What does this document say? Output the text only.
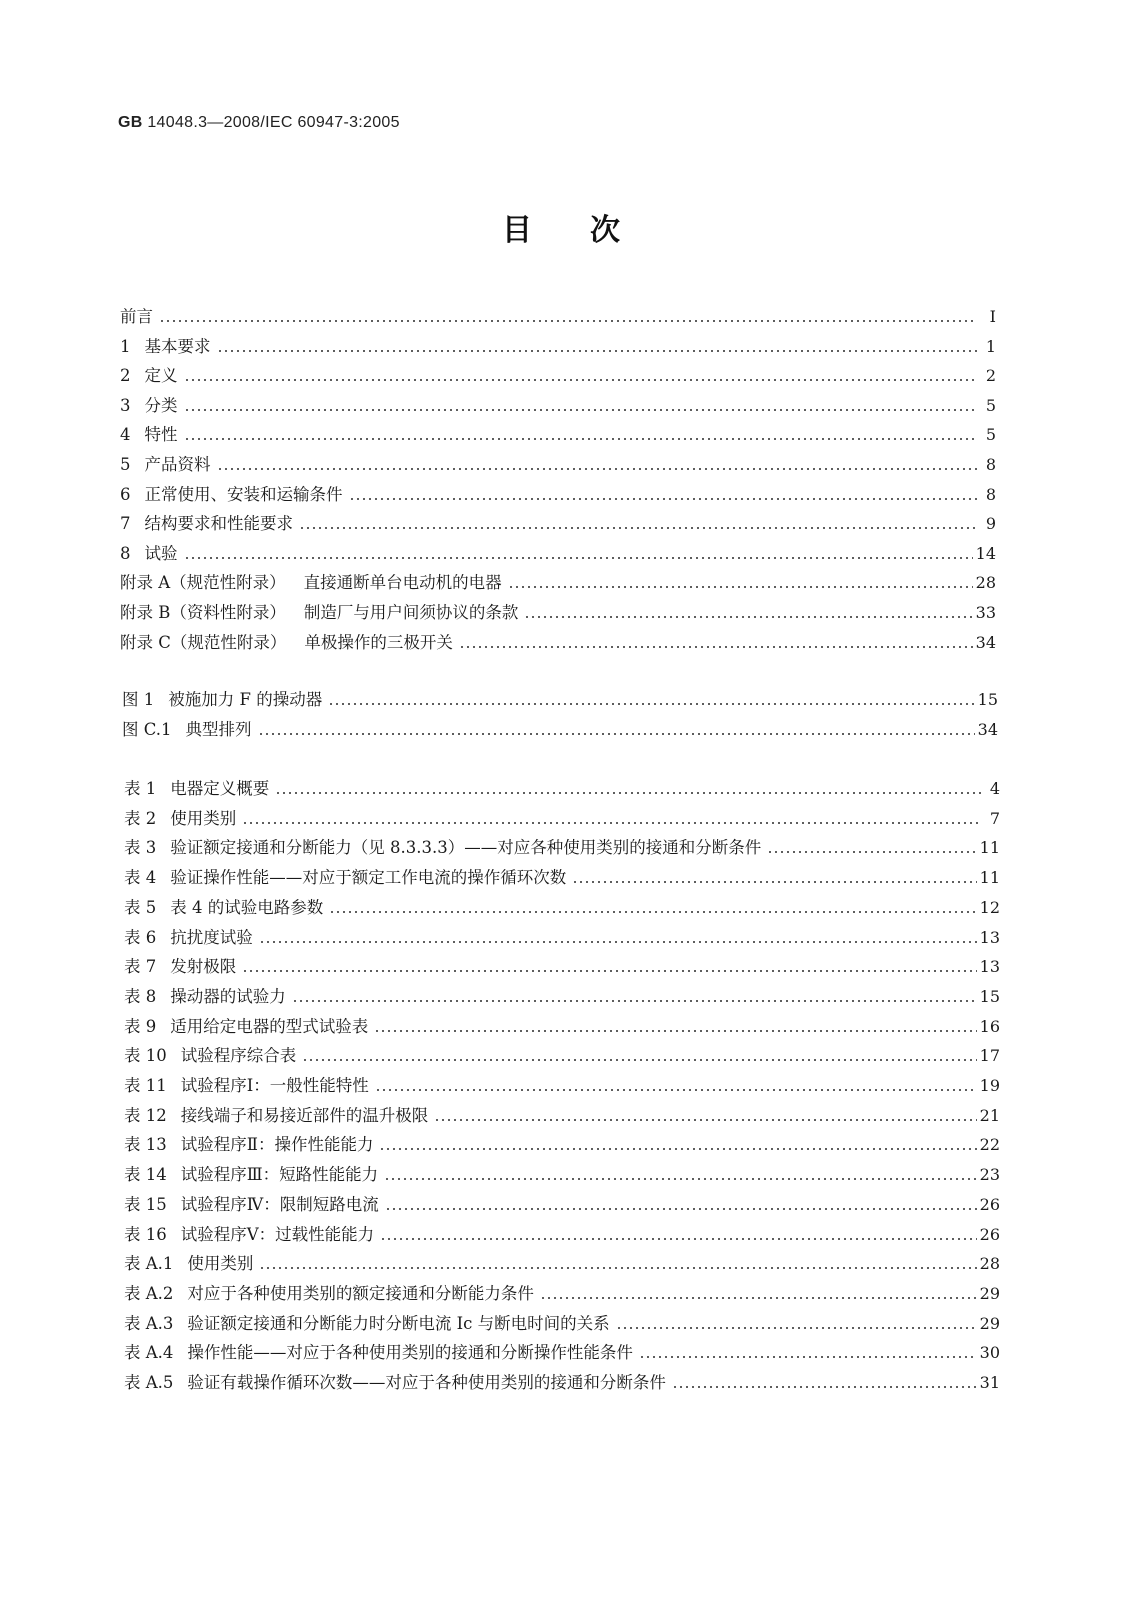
GB 14048.3—2008/IEC 60947-3:2005
目次
前言	Ⅰ
1 基本要求	1
2 定义	2
3 分类	5
4 特性	5
5 产品资料	8
6 正常使用、安装和运输条件	8
7 结构要求和性能要求	9
8 试验	14
附录 A（规范性附录） 直接通断单台电动机的电器	28
附录 B（资料性附录） 制造厂与用户间须协议的条款	33
附录 C（规范性附录） 单极操作的三极开关	34
图 1 被施加力 F 的操动器	15
图 C.1 典型排列	34
表 1 电器定义概要	4
表 2 使用类别	7
表 3 验证额定接通和分断能力（见 8.3.3.3）——对应各种使用类别的接通和分断条件	11
表 4 验证操作性能——对应于额定工作电流的操作循环次数	11
表 5 表 4 的试验电路参数	12
表 6 抗扰度试验	13
表 7 发射极限	13
表 8 操动器的试验力	15
表 9 适用给定电器的型式试验表	16
表 10 试验程序综合表	17
表 11 试验程序Ⅰ：一般性能特性	19
表 12 接线端子和易接近部件的温升极限	21
表 13 试验程序Ⅱ：操作性能能力	22
表 14 试验程序Ⅲ：短路性能能力	23
表 15 试验程序Ⅳ：限制短路电流	26
表 16 试验程序Ⅴ：过载性能能力	26
表 A.1 使用类别	28
表 A.2 对应于各种使用类别的额定接通和分断能力条件	29
表 A.3 验证额定接通和分断能力时分断电流 Ic 与断电时间的关系	29
表 A.4 操作性能——对应于各种使用类别的接通和分断操作性能条件	30
表 A.5 验证有载操作循环次数——对应于各种使用类别的接通和分断条件	31
